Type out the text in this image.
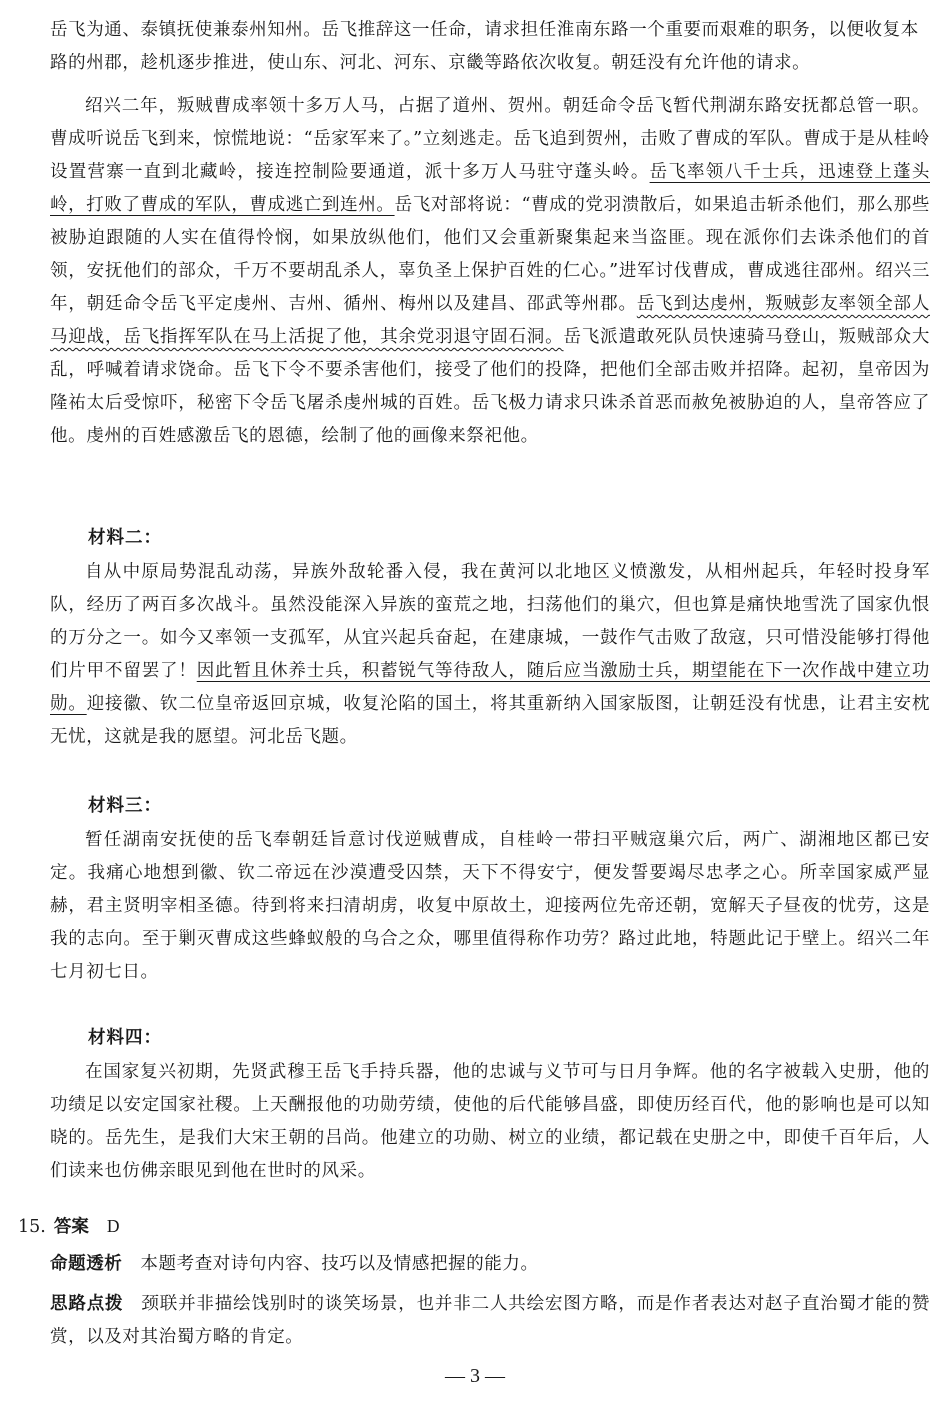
岳飞为通、泰镇抚使兼泰州知州。岳飞推辞这一任命，请求担任淮南东路一个重要而艰难的职务，以便收复本
路的州郡，趁机逐步推进，使山东、河北、河东、京畿等路依次收复。朝廷没有允许他的请求。

绍兴二年，叛贼曹成率领十多万人马，占据了道州、贺州。朝廷命令岳飞暂代荆湖东路安抚都总管一职。曹成听说岳飞到来，惊慌地说：“岳家军来了。”立刻逃走。岳飞追到贺州，击败了曹成的军队。曹成于是从桂岭设置营寨一直到北藏岭，接连控制险要通道，派十多万人马驻守蓬头岭。岳飞率领八千士兵，迅速登上蓬头岭，打败了曹成的军队，曹成逃亡到连州。岳飞对部将说：“曹成的党羽溃散后，如果追击斩杀他们，那么那些被胁迫跟随的人实在值得怜悯，如果放纵他们，他们又会重新聚集起来当盗匪。现在派你们去诛杀他们的首领，安抚他们的部众，千万不要胡乱杀人，辜负圣上保护百姓的仁心。”进军讨伐曹成，曹成逃往邵州。绍兴三年，朝廷命令岳飞平定虔州、吉州、循州、梅州以及建昌、邵武等州郡。岳飞到达虔州，叛贼彭友率领全部人马迎战，岳飞指挥军队在马上活捉了他，其余党羽退守固石洞。岳飞派遣敢死队员快速骑马登山，叛贼部众大乱，呼喊着请求饶命。岳飞下令不要杀害他们，接受了他们的投降，把他们全部击败并招降。起初，皇帝因为隆祐太后受惊吓，秘密下令岳飞屠杀虔州城的百姓。岳飞极力请求只诛杀首恶而赦免被胁迫的人，皇帝答应了他。虔州的百姓感激岳飞的恩德，绘制了他的画像来祭祀他。

材料二：

自从中原局势混乱动荡，异族外敌轮番入侵，我在黄河以北地区义愤激发，从相州起兵，年轻时投身军队，经历了两百多次战斗。虽然没能深入异族的蛮荒之地，扫荡他们的巢穴，但也算是痛快地雪洗了国家仇恨的万分之一。如今又率领一支孤军，从宜兴起兵奋起，在建康城，一鼓作气击败了敌寇，只可惜没能够打得他们片甲不留罢了！因此暂且休养士兵，积蓄锐气等待敌人，随后应当激励士兵，期望能在下一次作战中建立功勋。迎接徽、钦二位皇帝返回京城，收复沦陷的国土，将其重新纳入国家版图，让朝廷没有忧患，让君主安枕无忧，这就是我的愿望。河北岳飞题。

材料三：

暂任湖南安抚使的岳飞奉朝廷旨意讨伐逆贼曹成，自桂岭一带扫平贼寇巢穴后，两广、湖湘地区都已安定。我痛心地想到徽、钦二帝远在沙漠遭受囚禁，天下不得安宁，便发誓要竭尽忠孝之心。所幸国家威严显赫，君主贤明宰相圣德。待到将来扫清胡虏，收复中原故土，迎接两位先帝还朝，宽解天子昼夜的忧劳，这是我的志向。至于剿灭曹成这些蜂蚁般的乌合之众，哪里值得称作功劳？路过此地，特题此记于壁上。绍兴二年七月初七日。

材料四：

在国家复兴初期，先贤武穆王岳飞手持兵器，他的忠诚与义节可与日月争辉。他的名字被载入史册，他的功绩足以安定国家社稷。上天酬报他的功勋劳绩，使他的后代能够昌盛，即使历经百代，他的影响也是可以知晓的。岳先生，是我们大宋王朝的吕尚。他建立的功勋、树立的业绩，都记载在史册之中，即使千百年后，人们读来也仿佛亲眼见到他在世时的风采。

15. 答案 D

命题透析 本题考查对诗句内容、技巧以及情感把握的能力。

思路点拨 颈联并非描绘饯别时的谈笑场景，也并非二人共绘宏图方略，而是作者表达对赵子直治蜀才能的赞赏，以及对其治蜀方略的肯定。

— 3 —
